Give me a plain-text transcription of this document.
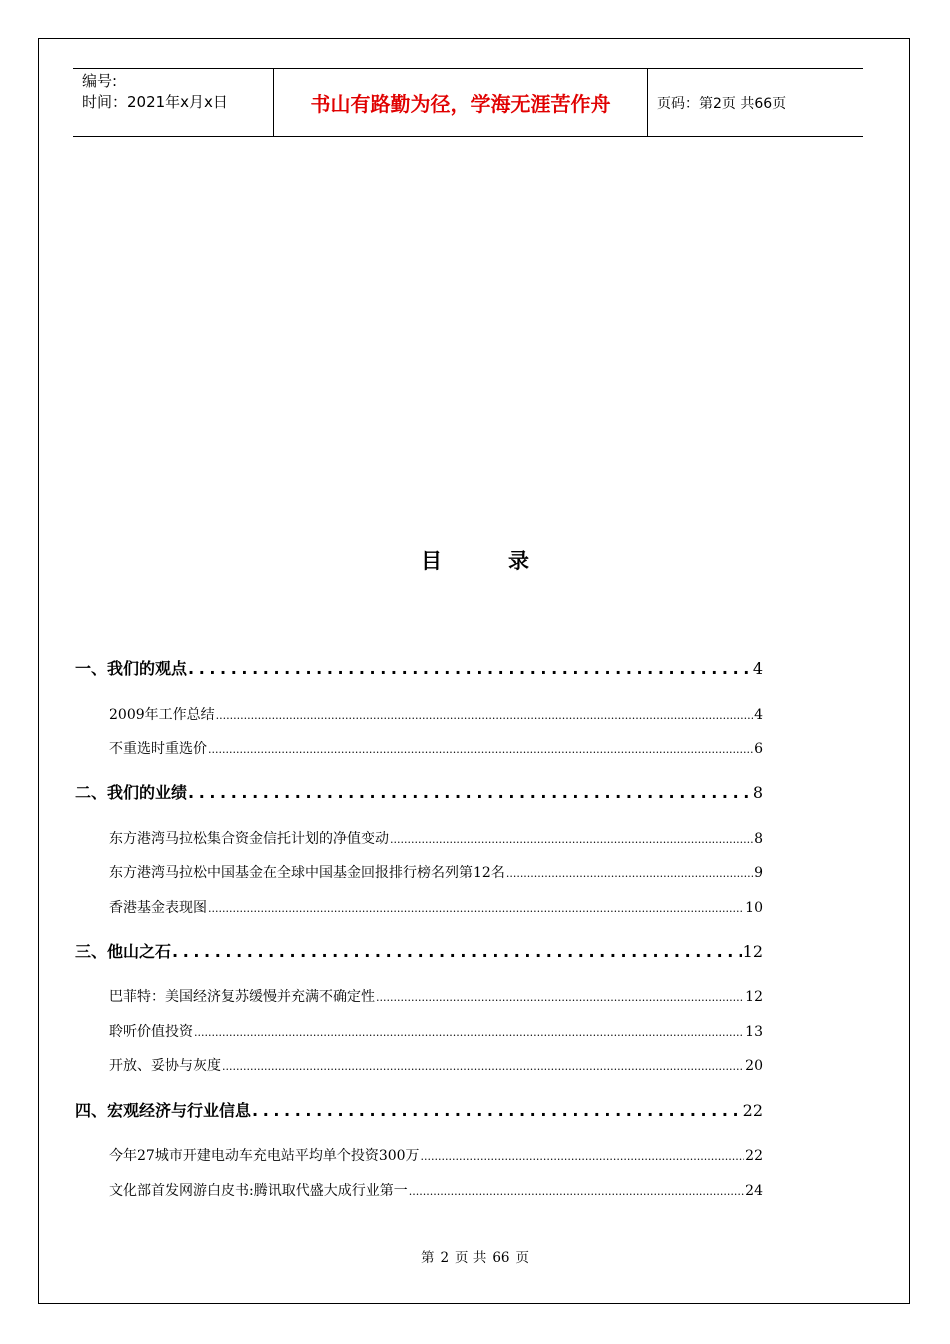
编号:
时间：2021年x月x日	书山有路勤为径，学海无涯苦作舟	页码：第2页 共66页
目	录
一、我们的观点 .....	4
2009年工作总结 .....	4
不重选时重选价 .....	6
二、我们的业绩 .....	8
东方港湾马拉松集合资金信托计划的净值变动 .....	8
东方港湾马拉松中国基金在全球中国基金回报排行榜名列第12名 .....	9
香港基金表现图 .....	10
三、他山之石 .....	12
巴菲特：美国经济复苏缓慢并充满不确定性 .....	12
聆听价值投资 .....	13
开放、妥协与灰度 .....	20
四、宏观经济与行业信息 .....	22
今年27城市开建电动车充电站平均单个投资300万 .....	22
文化部首发网游白皮书:腾讯取代盛大成行业第一 .....	24
第 2 页 共 66 页
